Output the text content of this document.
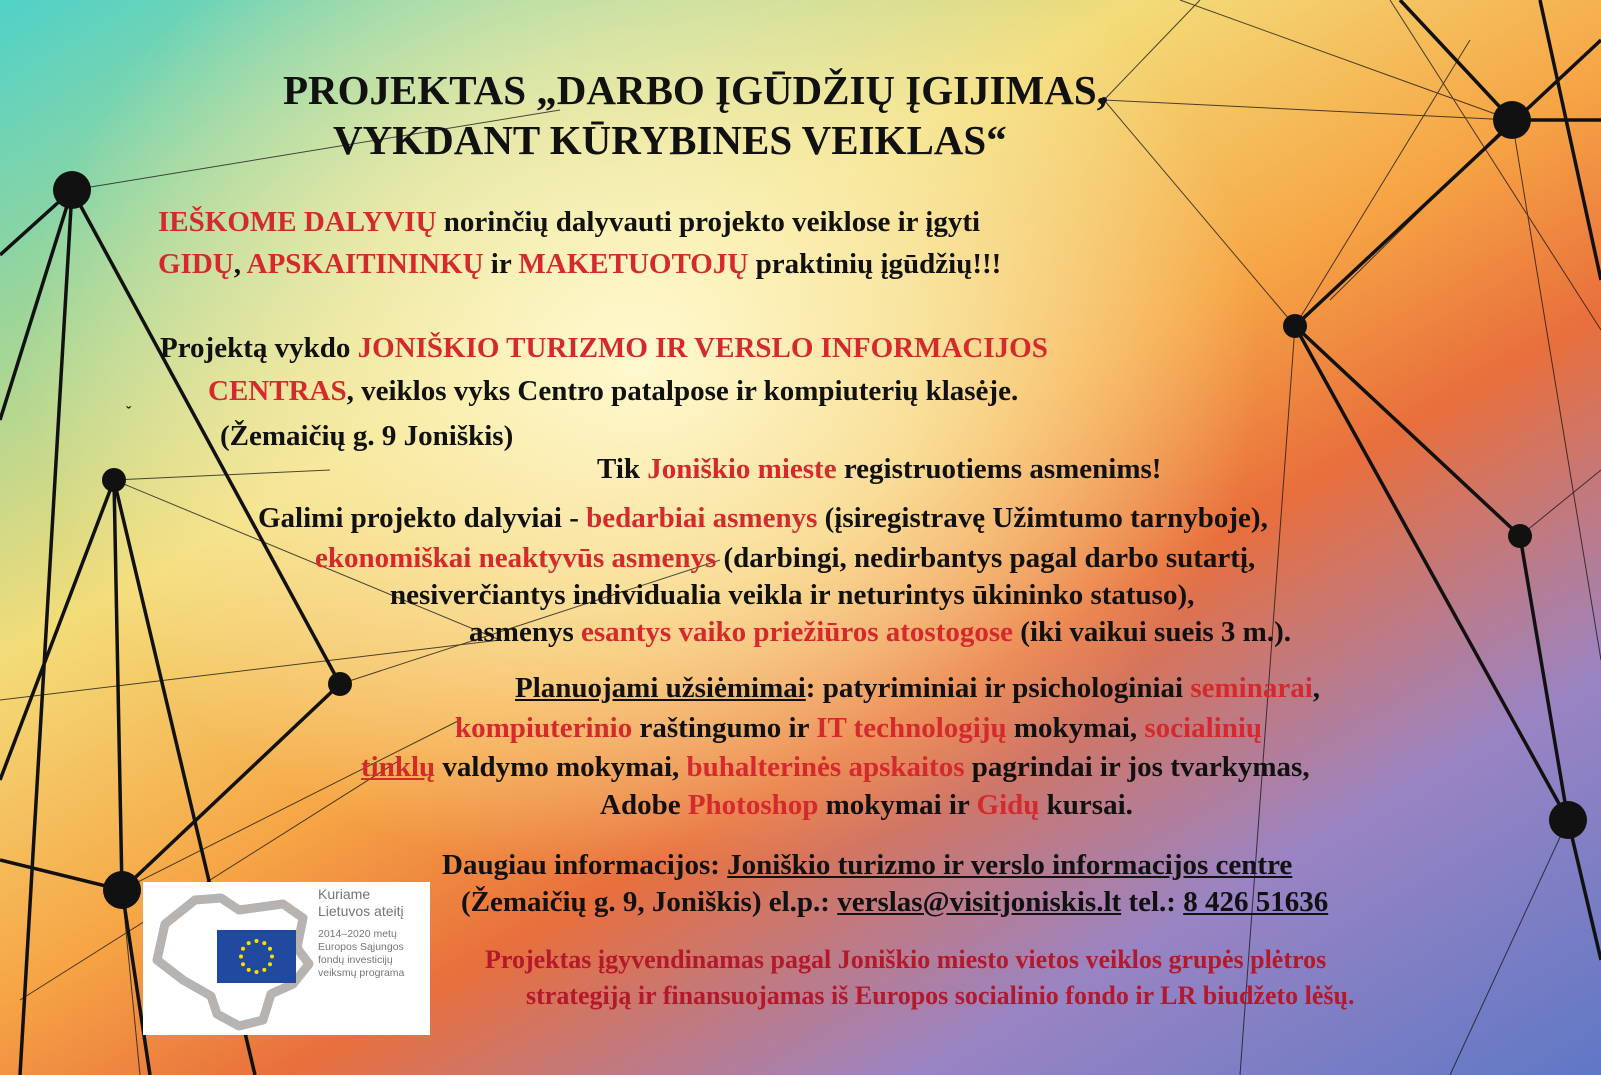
PROJEKTAS „DARBO ĮGŪDŽIŲ ĮGIJIMAS,
VYKDANT KŪRYBINES VEIKLAS“
IEŠKOME DALYVIŲ norinčių dalyvauti projekto veiklose ir įgyti
GIDŲ, APSKAITININKŲ ir MAKETUOTOJŲ praktinių įgūdžių!!!
Projektą vykdo JONIŠKIO TURIZMO IR VERSLO INFORMACIJOS
CENTRAS, veiklos vyks Centro patalpose ir kompiuterių klasėje.
ˇ
(Žemaičių g. 9 Joniškis)
Tik Joniškio mieste registruotiems asmenims!
Galimi projekto dalyviai - bedarbiai asmenys (įsiregistravę Užimtumo tarnyboje),
ekonomiškai neaktyvūs asmenys (darbingi, nedirbantys pagal darbo sutartį,
nesiverčiantys individualia veikla ir neturintys ūkininko statuso),
asmenys esantys vaiko priežiūros atostogose (iki vaikui sueis 3 m.).
Planuojami užsiėmimai: patyriminiai ir psichologiniai seminarai,
kompiuterinio raštingumo ir IT technologijų mokymai, socialinių
tinklų valdymo mokymai, buhalterinės apskaitos pagrindai ir jos tvarkymas,
Adobe Photoshop mokymai ir Gidų kursai.
Daugiau informacijos: Joniškio turizmo ir verslo informacijos centre
(Žemaičių g. 9, Joniškis) el.p.: verslas@visitjoniskis.lt tel.: 8 426 51636
Projektas įgyvendinamas pagal Joniškio miesto vietos veiklos grupės plėtros
strategiją ir finansuojamas iš Europos socialinio fondo ir LR biudžeto lėšų.
Kuriame
Lietuvos ateitį
2014–2020 metų
Europos Sąjungos
fondų investicijų
veiksmų programa
